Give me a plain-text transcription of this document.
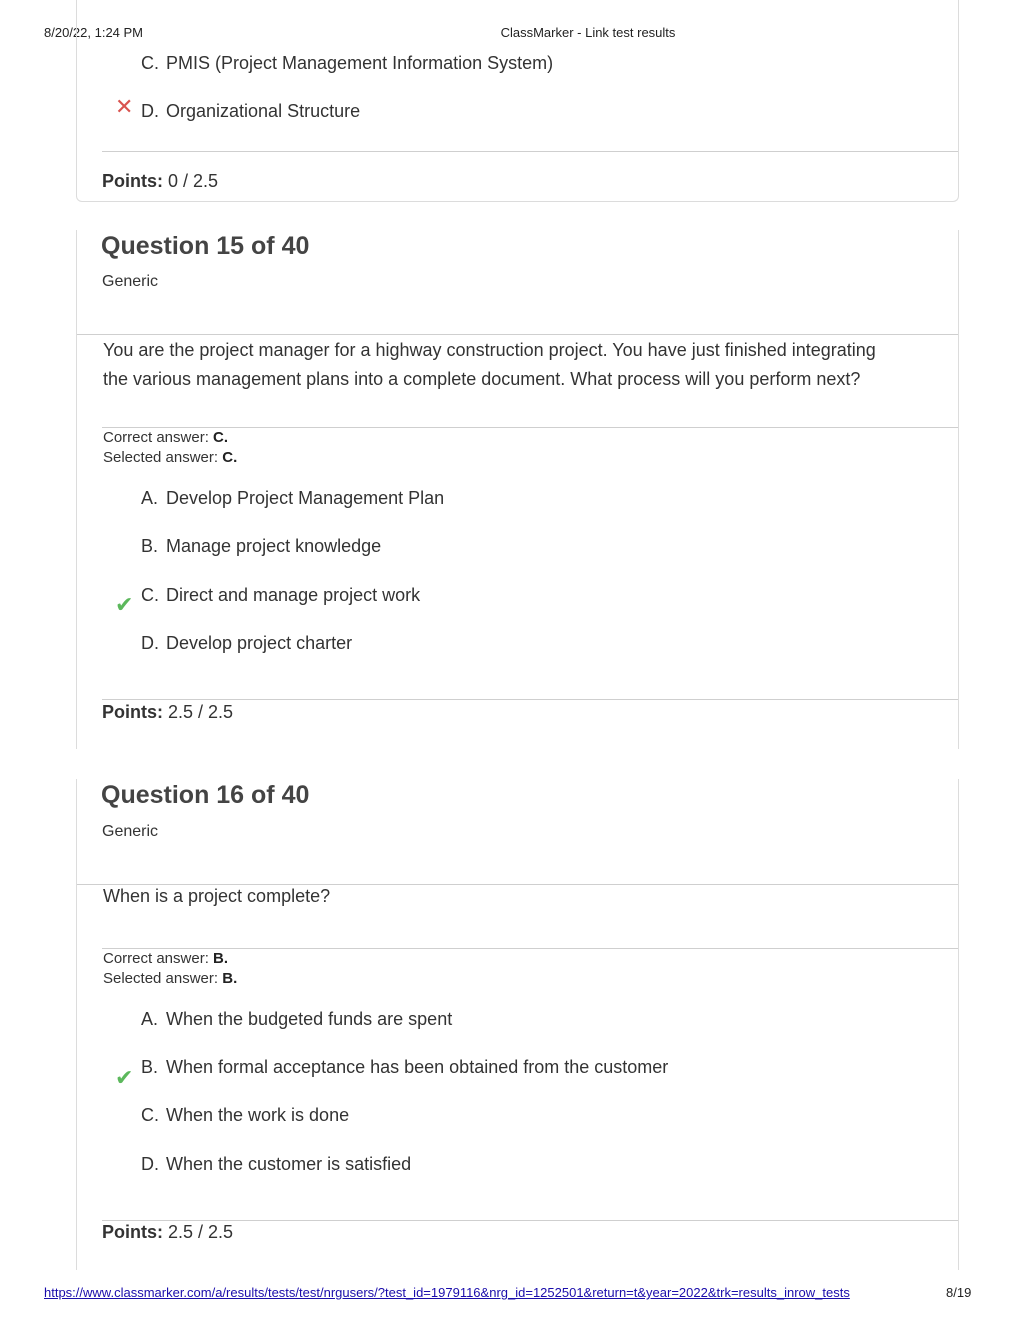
8/20/22, 1:24 PM	ClassMarker - Link test results
C. PMIS (Project Management Information System)
✕ D. Organizational Structure
Points: 0 / 2.5
Question 15 of 40
Generic
You are the project manager for a highway construction project. You have just finished integrating the various management plans into a complete document. What process will you perform next?
Correct answer: C.
Selected answer: C.
A. Develop Project Management Plan
B. Manage project knowledge
✔ C. Direct and manage project work
D. Develop project charter
Points: 2.5 / 2.5
Question 16 of 40
Generic
When is a project complete?
Correct answer: B.
Selected answer: B.
A. When the budgeted funds are spent
✔ B. When formal acceptance has been obtained from the customer
C. When the work is done
D. When the customer is satisfied
Points: 2.5 / 2.5
https://www.classmarker.com/a/results/tests/test/nrgusers/?test_id=1979116&nrg_id=1252501&return=t&year=2022&trk=results_inrow_tests	8/19
